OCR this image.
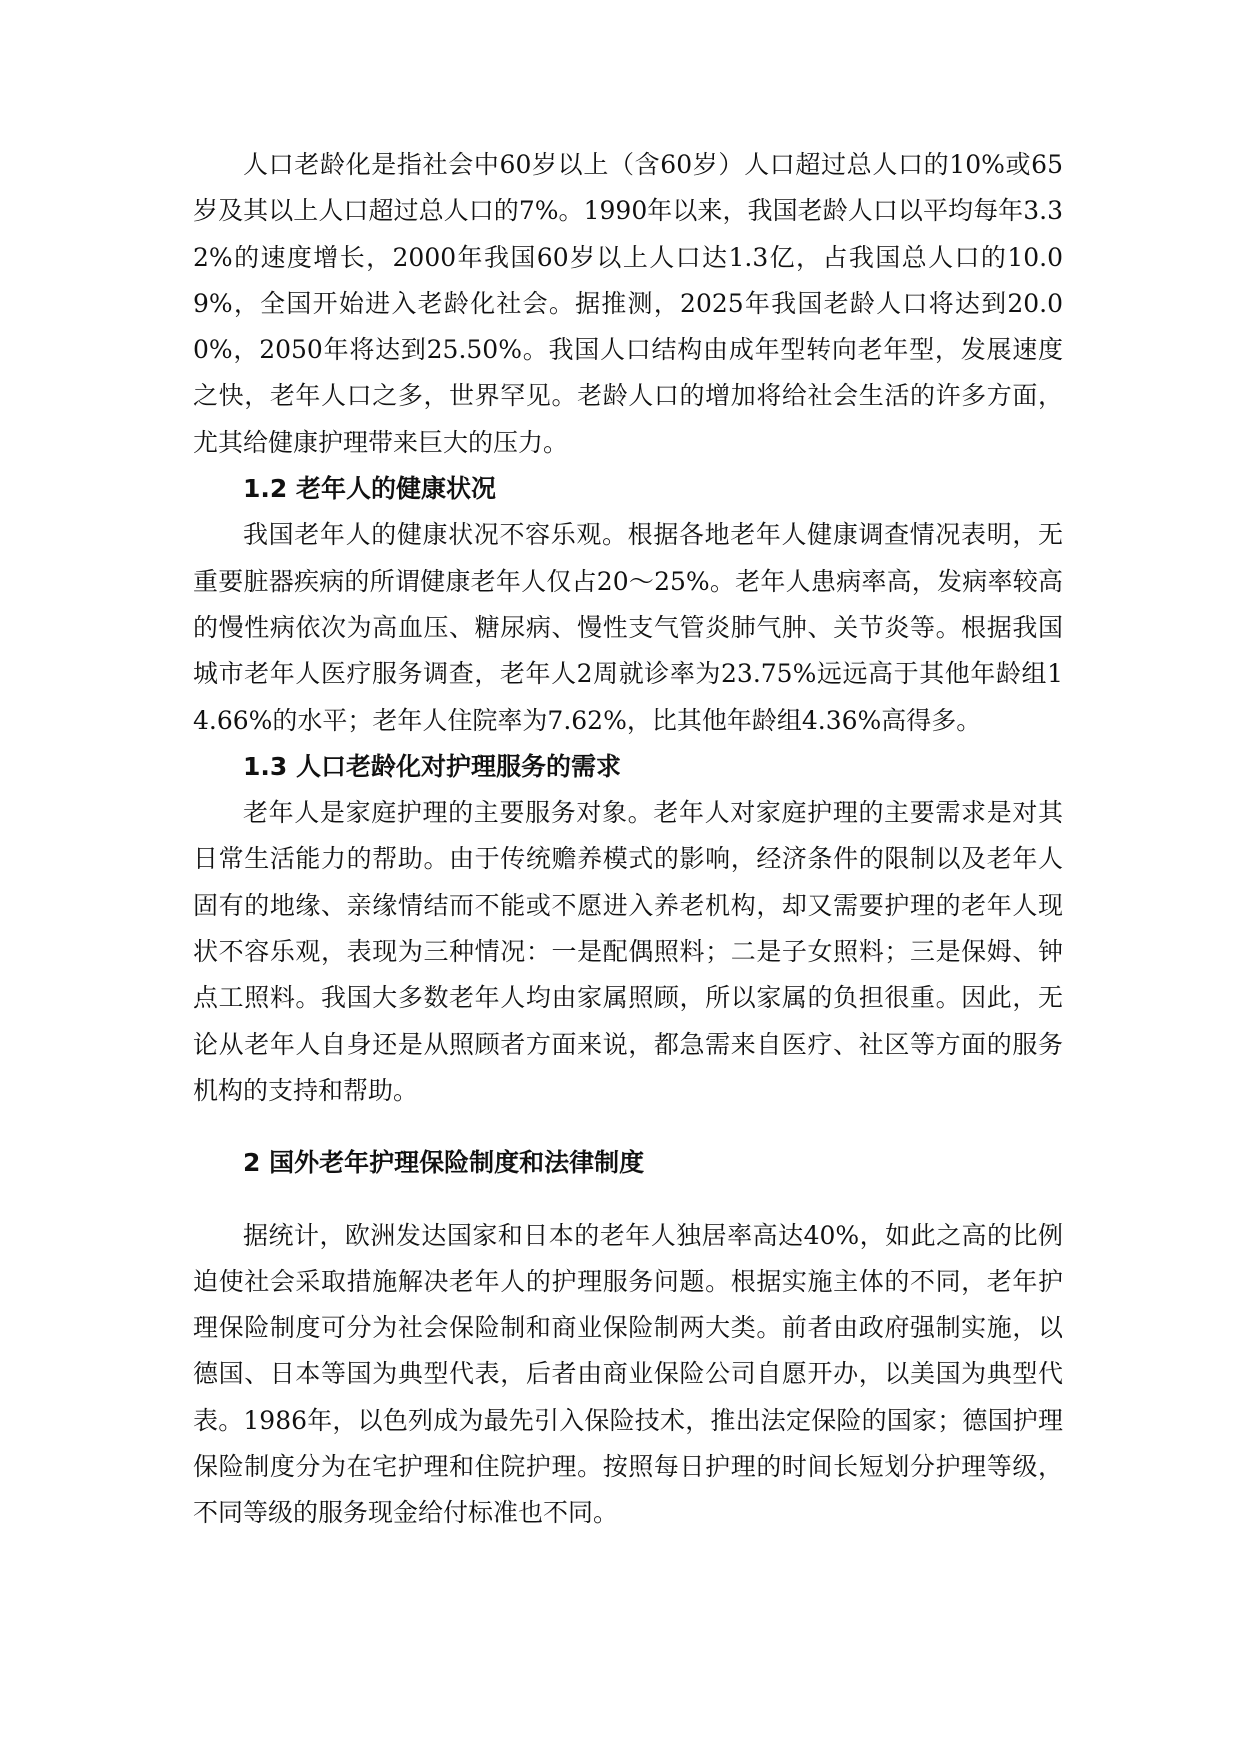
人口老龄化是指社会中60岁以上（含60岁）人口超过总人口的10%或65岁及其以上人口超过总人口的7%。1990年以来，我国老龄人口以平均每年3.32%的速度增长，2000年我国60岁以上人口达1.3亿，占我国总人口的10.09%，全国开始进入老龄化社会。据推测，2025年我国老龄人口将达到20.00%，2050年将达到25.50%。我国人口结构由成年型转向老年型，发展速度之快，老年人口之多，世界罕见。老龄人口的增加将给社会生活的许多方面，尤其给健康护理带来巨大的压力。

1.2 老年人的健康状况

我国老年人的健康状况不容乐观。根据各地老年人健康调查情况表明，无重要脏器疾病的所谓健康老年人仅占20～25%。老年人患病率高，发病率较高的慢性病依次为高血压、糖尿病、慢性支气管炎肺气肿、关节炎等。根据我国城市老年人医疗服务调查，老年人2周就诊率为23.75%远远高于其他年龄组14.66%的水平；老年人住院率为7.62%，比其他年龄组4.36%高得多。

1.3 人口老龄化对护理服务的需求

老年人是家庭护理的主要服务对象。老年人对家庭护理的主要需求是对其日常生活能力的帮助。由于传统赡养模式的影响，经济条件的限制以及老年人固有的地缘、亲缘情结而不能或不愿进入养老机构，却又需要护理的老年人现状不容乐观，表现为三种情况：一是配偶照料；二是子女照料；三是保姆、钟点工照料。我国大多数老年人均由家属照顾，所以家属的负担很重。因此，无论从老年人自身还是从照顾者方面来说，都急需来自医疗、社区等方面的服务机构的支持和帮助。

2 国外老年护理保险制度和法律制度

据统计，欧洲发达国家和日本的老年人独居率高达40%，如此之高的比例迫使社会采取措施解决老年人的护理服务问题。根据实施主体的不同，老年护理保险制度可分为社会保险制和商业保险制两大类。前者由政府强制实施，以德国、日本等国为典型代表，后者由商业保险公司自愿开办，以美国为典型代表。1986年，以色列成为最先引入保险技术，推出法定保险的国家；德国护理保险制度分为在宅护理和住院护理。按照每日护理的时间长短划分护理等级，不同等级的服务现金给付标准也不同。
